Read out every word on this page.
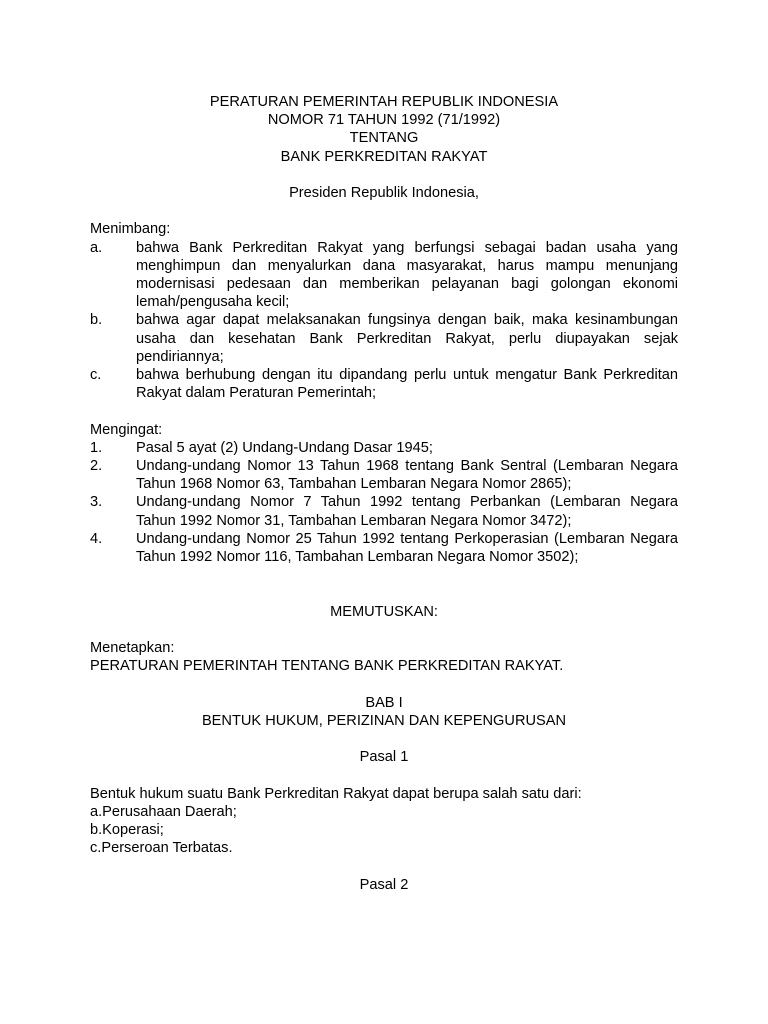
PERATURAN PEMERINTAH REPUBLIK INDONESIA

NOMOR 71 TAHUN 1992 (71/1992)

TENTANG

BANK PERKREDITAN RAKYAT

Presiden Republik Indonesia,

Menimbang:

a.	bahwa Bank Perkreditan Rakyat yang berfungsi sebagai badan usaha yang menghimpun dan menyalurkan dana masyarakat, harus mampu menunjang modernisasi pedesaan dan memberikan pelayanan bagi golongan ekonomi lemah/pengusaha kecil;
b.	bahwa agar dapat melaksanakan fungsinya dengan baik, maka kesinambungan usaha dan kesehatan Bank Perkreditan Rakyat, perlu diupayakan sejak pendiriannya;
c.	bahwa berhubung dengan itu dipandang perlu untuk mengatur Bank Perkreditan Rakyat dalam Peraturan Pemerintah;

Mengingat:

1.	Pasal 5 ayat (2) Undang-Undang Dasar 1945;
2.	Undang-undang Nomor 13 Tahun 1968 tentang Bank Sentral (Lembaran Negara Tahun 1968 Nomor 63, Tambahan Lembaran Negara Nomor 2865);
3.	Undang-undang Nomor 7 Tahun 1992 tentang Perbankan (Lembaran Negara Tahun 1992 Nomor 31, Tambahan Lembaran Negara Nomor 3472);
4.	Undang-undang Nomor 25 Tahun 1992 tentang Perkoperasian (Lembaran Negara Tahun 1992 Nomor 116, Tambahan Lembaran Negara Nomor 3502);

MEMUTUSKAN:

Menetapkan:

PERATURAN PEMERINTAH TENTANG BANK PERKREDITAN RAKYAT.

BAB I

BENTUK HUKUM, PERIZINAN DAN KEPENGURUSAN

Pasal 1

Bentuk hukum suatu Bank Perkreditan Rakyat dapat berupa salah satu dari:

a.Perusahaan Daerah;

b.Koperasi;

c.Perseroan Terbatas.

Pasal 2
